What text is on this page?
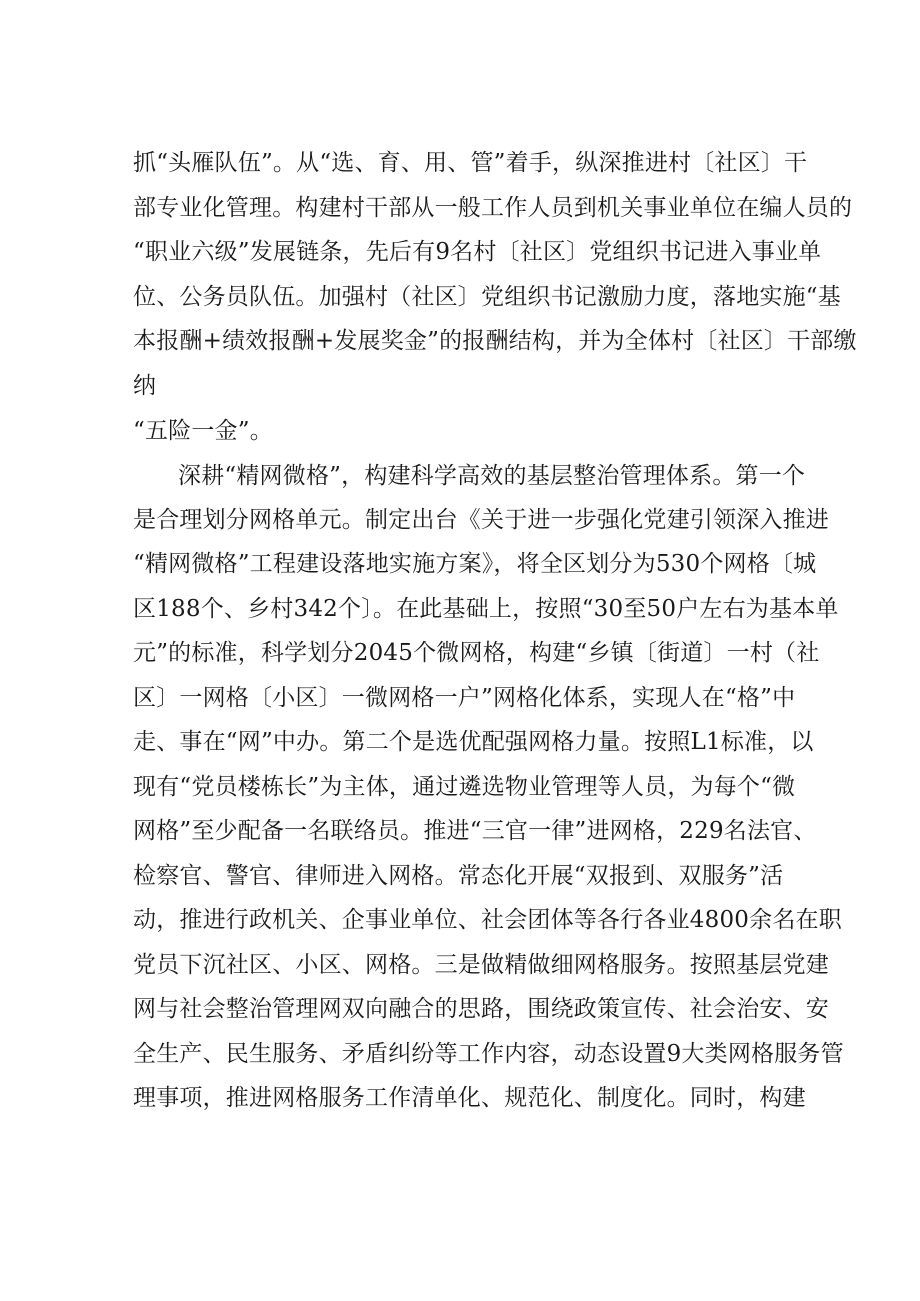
抓“头雁队伍”。从“选、育、用、管”着手，纵深推进村〔社区〕干
部专业化管理。构建村干部从一般工作人员到机关事业单位在编人员的
“职业六级”发展链条，先后有9名村〔社区〕党组织书记进入事业单
位、公务员队伍。加强村（社区〕党组织书记激励力度，落地实施“基
本报酬+绩效报酬+发展奖金”的报酬结构，并为全体村〔社区〕干部缴
纳
“五险一金”。
深耕“精网微格”，构建科学高效的基层整治管理体系。第一个
是合理划分网格单元。制定出台《关于进一步强化党建引领深入推进
“精网微格”工程建设落地实施方案》，将全区划分为530个网格〔城
区188个、乡村342个〕。在此基础上，按照“30至50户左右为基本单
元”的标准，科学划分2045个微网格，构建“乡镇〔街道〕一村（社
区〕一网格〔小区〕一微网格一户”网格化体系，实现人在“格”中
走、事在“网”中办。第二个是选优配强网格力量。按照L1标准，以
现有“党员楼栋长”为主体，通过遴选物业管理等人员，为每个“微
网格”至少配备一名联络员。推进“三官一律”进网格，229名法官、
检察官、警官、律师进入网格。常态化开展“双报到、双服务”活
动，推进行政机关、企事业单位、社会团体等各行各业4800余名在职
党员下沉社区、小区、网格。三是做精做细网格服务。按照基层党建
网与社会整治管理网双向融合的思路，围绕政策宣传、社会治安、安
全生产、民生服务、矛盾纠纷等工作内容，动态设置9大类网格服务管
理事项，推进网格服务工作清单化、规范化、制度化。同时，构建
